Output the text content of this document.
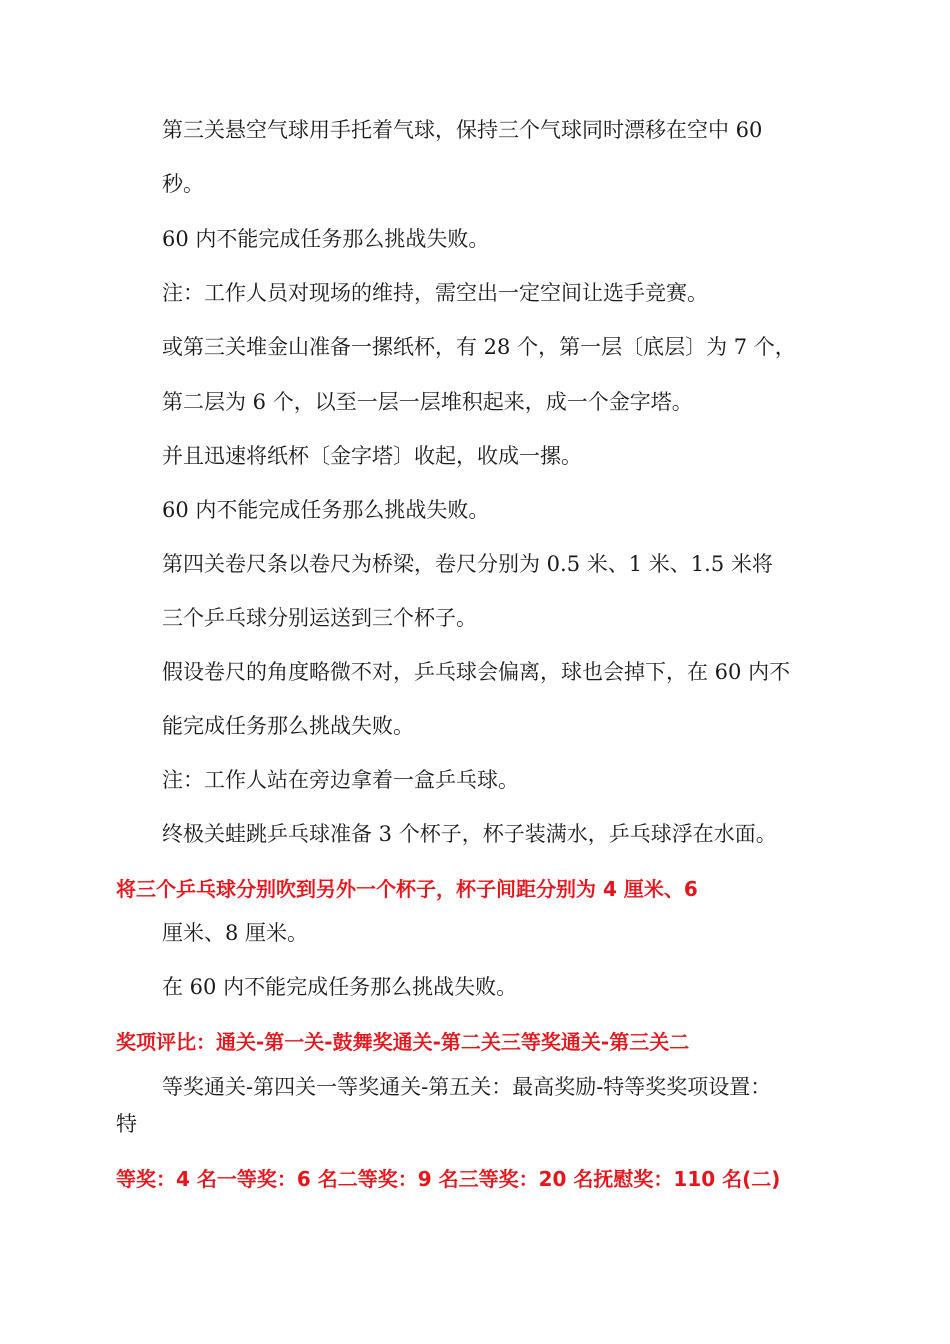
第三关悬空气球用手托着气球，保持三个气球同时漂移在空中 60
秒。
60 内不能完成任务那么挑战失败。
注：工作人员对现场的维持，需空出一定空间让选手竞赛。
或第三关堆金山准备一摞纸杯，有 28 个，第一层〔底层〕为 7 个，
第二层为 6 个，以至一层一层堆积起来，成一个金字塔。
并且迅速将纸杯〔金字塔〕收起，收成一摞。
60 内不能完成任务那么挑战失败。
第四关卷尺条以卷尺为桥梁，卷尺分别为 0.5 米、1 米、1.5 米将
三个乒乓球分别运送到三个杯子。
假设卷尺的角度略微不对，乒乓球会偏离，球也会掉下，在 60 内不
能完成任务那么挑战失败。
注：工作人站在旁边拿着一盒乒乓球。
终极关蛙跳乒乓球准备 3 个杯子，杯子装满水，乒乓球浮在水面。
将三个乒乓球分别吹到另外一个杯子，杯子间距分别为 4 厘米、6
厘米、8 厘米。
在 60 内不能完成任务那么挑战失败。
奖项评比：通关-第一关-鼓舞奖通关-第二关三等奖通关-第三关二
等奖通关-第四关一等奖通关-第五关：最高奖励-特等奖奖项设置：
特
等奖：4 名一等奖：6 名二等奖：9 名三等奖：20 名抚慰奖：110 名(二)
